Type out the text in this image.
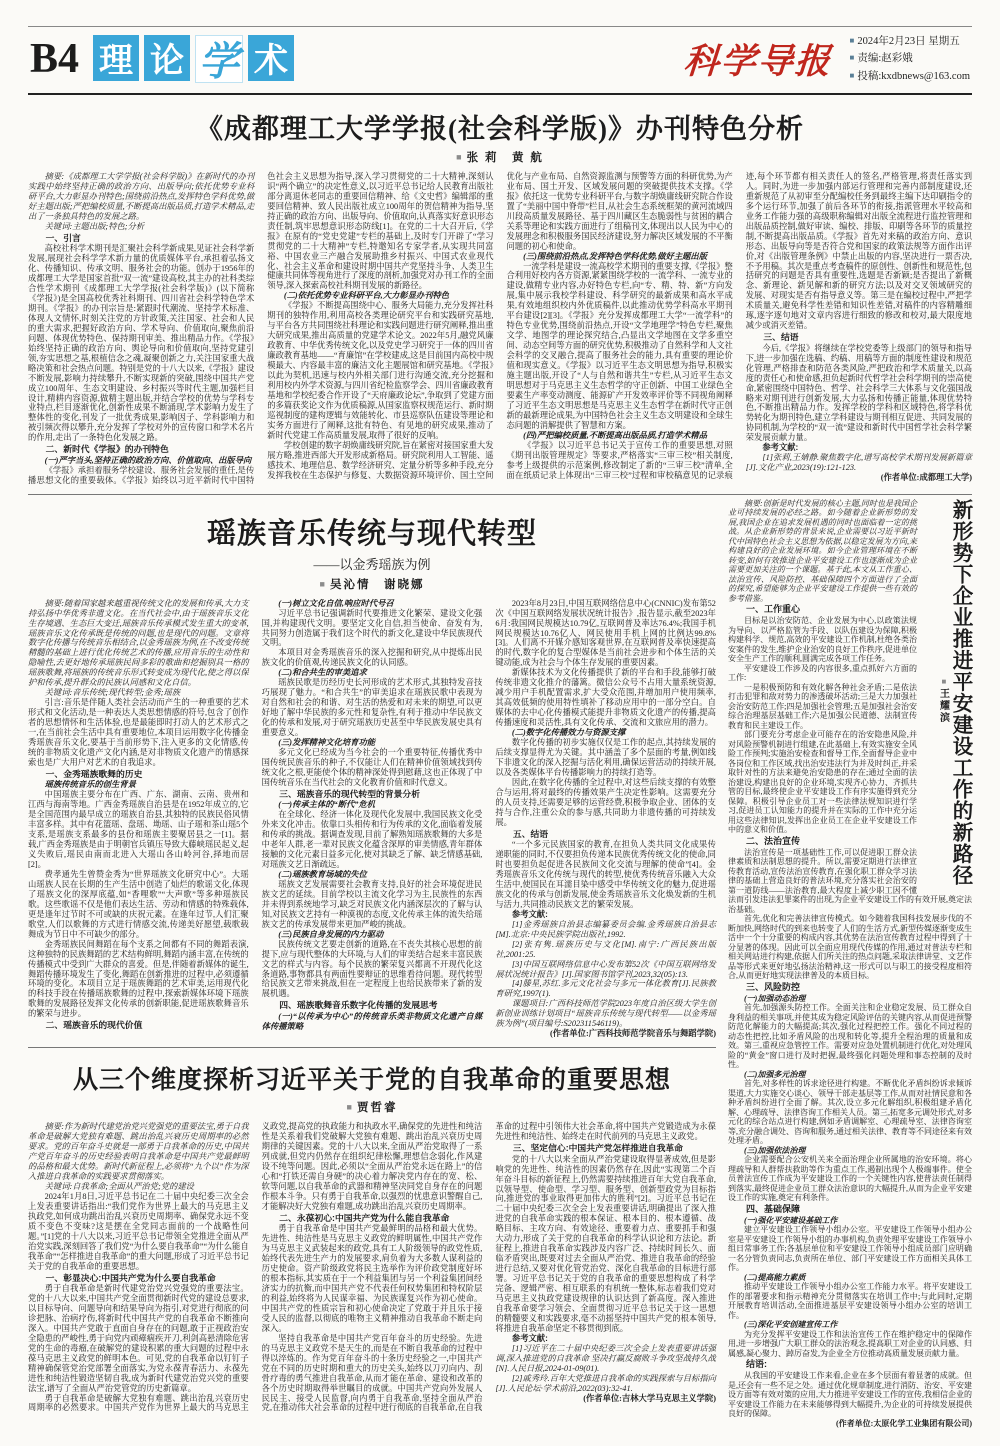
B4 理 论 学 术	科学导报 ■	2024年2月23日 星期五
■ 责编:赵彩娥
■ 投稿:kxdbnews@163.com
《成都理工大学学报(社会科学版)》办刊特色分析
■ 张 莉　黄 航
摘要:《成都理工大学学报(社会科学版)》在新时代的办刊实践中始终坚持正确的政治方向、出版导向;依托优势专业科研平台,大力彰显办刊特色;围绕前沿热点,发挥特色学科优势,做好主题出版;严把编校质量,不断提高出版品质,打造学术精品,走出了一条独具特色的发展之路。
关键词:主题出版;特色;分析
一、引言
高校社科学术期刊是汇聚社会科学新成果,见证社会科学新发展,展现社会科学学术新力量的优质媒体平台,承担着弘扬文化、传播知识、传承文明、服务社会的功能。创办于1956年的成都理工大学是国家首批“双一流”建设高校,其主办的社科类综合性学术期刊《成都理工大学学报(社会科学版)》(以下简称《学报》)是全国高校优秀社科期刊、四川省社会科学特色学术期刊。《学报》的办刊宗旨是:紧跟时代潮流、坚持学术标准、体现人文情怀,时刻关注党的方针政策,关注国家、社会和人民的重大需求,把握好政治方向、学术导向、价值取向,聚焦前沿问题、体现优势特色、保持期刊审美、推出精品力作。《学报》始终坚持正确的政治方向、舆论导向和价值取向,坚持党建引领,夯实思想之基,根植信念之魂,凝聚创新之力,关注国家重大战略决策和社会热点问题。特别是党的十八大以来,《学报》建设不断发展,影响力持续攀升,不断实现新的突破,围绕中国共产党成立100周年、生态文明建设、乡村振兴等时代主题,加强栏目设计,精耕内容资源,做精主题出版,并结合学校的优势与学科专业特点,栏目逐渐优化,创新性成果不断涌现,学术影响力发生了整体性的变化,刊发了一批优秀成果,影响因子、学科影响力和被引频次得以攀升,充分发挥了学校对外的宣传窗口和学术名片的作用,走出了一条特色化发展之路。
二、新时代《学报》的办刊特色
(一)严字当头,坚持正确的政治方向、价值取向、出版导向
《学报》承担着服务学校建设、服务社会发展的重任,是传播思想文化的重要载体。《学报》始终以习近平新时代中国特色社会主义思想为指导,深入学习贯彻党的二十大精神,深刻认识“两个确立”的决定性意义,以习近平总书记给人民教育出版社部分离退休老同志的重要回信精神、给《文史哲》编辑部的重要回信精神、致人民出版社成立100周年的贺信精神为指导,坚持正确的政治方向、出版导向、价值取向,认真落实好意识形态责任制,筑牢思想意识形态防线[1]。在党的二十大召开后,《学报》在原有的“党史党建”专栏的基础上,及时专门开辟了“学习贯彻党的二十大精神”专栏,特邀知名专家学者,从实现共同富裕、中国农业三产融合发展助推乡村振兴、中国式农业现代化、社会主义革命和建设时期中国共产党坚持斗争、人类卫生健康共同体等视角进行了深度的剖析,加强党对办刊工作的全面领导,深入探索高校社科期刊发展的新路径。
(二)依托优势专业科研平台,大力彰显办刊特色
《学报》不断提高围绕中心、服务大局能力,充分发挥社科期刊的独特作用,利用高校各类理论研究平台和实践研究基地,与平台各方共同围绕社科理论和实践问题进行研究阐释,推出重大研究成果,推出高质量的党建学术论文。2022年5月,融党风廉政教育、中华优秀传统文化,以及党史学习研究于一体的四川省廉政教育基地——“育廉馆”在学校建成,这是目前国内高校中规模最大、内容最丰富的廉洁文化主题展馆和研究基地。《学报》以此为契机,迅速与校内外相关部门进行沟通交流,充分挖掘和利用校内外学术资源,与四川省纪检监察学会、四川省廉政教育基地和学校纪委合作开设了“天府廉政论坛”,争取到了党建方面的多篇获奖论文作为优质稿源,从国家监察权规范运行、新时期巡视制度的建构逻辑与效能转化、市县巡察队伍建设等理论和实务方面进行了阐释,这批有特色、有见地的研究成果,推动了新时代党建工作高质量发展,取得了很好的反响。
学校创建的数字胡焕庸线研究院,旨在紧密对接国家重大发展方略,推进西部大开发形成新格局。研究院利用人工智能、遥感技术、地理信息、数学经济研究、定量分析等多种手段,充分发挥我校在生态保护与修复、大数据资源环境评价、国土空间优化与产业布局、自然资源监测与预警等方面的科研优势,为产业布局、国土开发、区域发展问题的突破提供技术支撑。《学报》依托这一优势专业科研平台,与数字胡焕庸线研究院合作设置了“美丽中国中脊带”栏目,从社会生态系统框架的黄河流域四川段高质量发展路径、基于四川藏区生态脆弱性与贫困的耦合关系等理论和实践方面进行了组稿刊文,体现出以人民为中心的发展理念和积极服务国民经济建设,努力解决区域发展的不平衡问题的初心和使命。
(三)围绕前沿热点,发挥特色学科优势,做好主题出版
一流学科是建设一流高校学术期刊的重要支撑,《学报》整合利用好校内各方资源,紧紧围绕学校的一流学科、一流专业的建设,做精专业内容,办好特色专栏,向“专、精、特、新”方向发展,集中展示我校学科建设、科学研究的最新成果和高水平成果,有效地组织校内外优质稿件,以此推动优势学科高水平期刊平台建设[2][3]。《学报》充分发挥成都理工大学“一流学科”的特色专业优势,围绕前沿热点,开设“文学地理学”特色专栏,聚焦文学、地图学的理论探究结合,凸显出文学地图在文学多重空间、动态空间等方面的研究优势,积极推动了自然科学和人文社会科学的交叉融合,提高了服务社会的能力,具有重要的理论价值和现实意义。《学报》以习近平生态文明思想为指导,积极实施主题出版,开设了“人与自然和谐共生”专栏,从习近平生态文明思想对于马克思主义生态哲学的守正创新、中国工业绿色全要素生产率变动测度、能源矿产开发效率评价等不同视角阐释了习近平生态文明思想是马克思主义生态哲学在新时代守正创新的最新理论成果,为中国特色社会主义生态文明建设和全球生态问题的消解提供了智慧和方案。
(四)严把编校质量,不断提高出版品质,打造学术精品
《学报》以习近平总书记关于宣传工作的重要思想,对照《期刊出版管理规定》等要求,严格落实“三审三校”相关制度,参考上级提供的示范案例,修改制定了新的“三审三校”清单,全面在纸质记录上体现出“三审三校”过程和审校稿意见的记录痕迹,每个环节都有相关责任人的签名,严格管理,将责任落实到人。同时,为进一步加强内部运行管理和完善内部制度建设,还重新规范了从初审至分配编校任务到最终主编下达印刷指令的多个运行环节,加强了前后各环节的衔接,指派管理水平较高和业务工作能力强的高级职称编辑对出版全流程进行监控管理和出版品质控制,做好审读、编校、排版、印刷等各环节的质量控制,不断提高出版品质。《学报》首先对来稿的政治方向、意识形态、出版导向等是否符合党和国家的政策法规等方面作出评价,对《出版管理条例》中禁止出版的内容,坚决进行一票否决,不予用稿。其次是重点考查稿件的原创性、创新性和规范性,包括研究的问题是否具有重要性,选题是否新颖;是否提出了新概念、新理论、新见解和新的研究方法;以及对交叉领域研究的发展、对现实是否有指导意义等。第三是在编校过程中,严把学术质量关,避免科学性差错和知识性差错,对稿件的内容精雕细琢,逐字逐句地对文章内容进行细致的修改和校对,最大限度地减少或消灭差错。
三、结语
今后,《学报》将继续在学校党委等上级部门的领导和指导下,进一步加强在选稿、约稿、用稿等方面的制度性建设和规范化管理,严格排查和防范各类风险,严把政治和学术质量关,以高度的责任心和使命感,担负起新时代哲学社会科学期刊的崇高使命,紧密围绕中国特色、哲学、社会科学三大体系与文化强国战略来对期刊进行创新发展,大力弘扬和传播正能量,体现优势特色,不断推出精品力作。发挥学校的学科和区域特色,将学科优势转化为期刊特色,建立学科建设与期刊相互促进、共同发展的协同机制,为学校的“双一流”建设和新时代中国哲学社会科学繁荣发展贡献力量。
参考文献:
[1]张莉,王婧静.聚焦数字化,谱写高校学术期刊发展新篇章[J].文化产业,2023(19):121-123.
(作者单位:成都理工大学)
瑶族音乐传统与现代转型
——以金秀瑶族为例
■ 吴沁情　谢晓娜
摘要:随着国家越来越重视传统文化的发展和传承,大力支持弘扬中华优秀非遗文化。在当代社会中,由于瑶族音乐文化生存境遇、生态巨大变迁,瑶族音乐传承模式发生重大的变革,瑶族音乐文化传承既是传统的问题,也是现代的问题。文章将数字化传播与传统音乐相结合,以金秀瑶族为例,在不改变传统精髓的基础上进行优化传统艺术的传播,应用音乐的生动性和隐喻性,去更好地传承瑶族民间多彩的歌曲和挖掘别具一格的瑶族歌舞,将瑶族的传统音乐形式转变成为现代化,使之得以保护和传承,提升群众的民族认同感和文化自信。
关键词:音乐传统;现代转型;金秀;瑶族
引言:音乐是伴随人类社会活动而产生的一种重要的艺术形式和文化活动,是一种表达人类思想情感的符号,包含了创作者的思想情怀和生活体验,也是最能即时打动人的艺术形式之一,在当前社会生活中具有重要地位,本项目运用数字化传播金秀瑶族音乐文化,要基于当前形势下,注入更多的文化情感,传统的非物质文化遗产文化内涵,是对非物质文化遗产的情感探索也是广大用户对艺术的自我追求。
一、金秀瑶族歌舞的历史
瑶族传统音乐的创生背景
中国瑶族主要分布在广西、广东、湖南、云南、贵州和江西与海南等地。广西金秀瑶族自治县是在1952年成立的,它是全国范围内最早成立的瑶族自治县,其独特的民族民俗风情丰富多样。其中有花篮瑶、盘瑶、坳瑶、山子瑶和茶山瑶5个支系,是瑶族支系最多的县份和瑶族主要聚居县之一[1]。据载,广西金秀瑶族是由于明朝官兵镇压导致大藤峡瑶民起义,起义失败后,瑶民由南而北进入大瑶山各山岭河谷,择地而居[2]。
费孝通先生曾赞金秀为“世界瑶族文化研究中心”。大瑶山瑶族人民在长期的生产生活中创造了灿烂的歌谣文化,体现了瑶族文化的深厚底蕴,如“香哩歌”“大声歌”等多种瑶族民歌。这些歌谣不仅是他们表达生活、劳动和情感的特殊载体,更是逢年过节时不可或缺的庆祝元素。在逢年过节,人们汇聚歌堂,人们以歌舞的方式进行情感交流,传递美好愿望,载歌载舞成为节日中不可缺少的部分。
金秀瑶族民间舞蹈在每个支系之间都有不同的舞蹈表演,这种独特的民族舞蹈的艺术结构鲜明,舞蹈内涵丰富,在传统的传播模式中受到广大群众的喜爱。但是,伴随着新媒体的诞生,舞蹈传播环境发生了变化,舞蹈在创新推进的过程中,必须遵循环境的变化。本项目立足于瑶族舞蹈的艺术审美,运用现代化的科技手段在传播瑶族歌舞的过程中,探索新媒体环境下瑶族歌舞的发展路径发挥文化传承的创新职能,促进瑶族歌舞音乐的繁荣与进步。
二、瑶族音乐的现代价值
(一)树立文化自信,响应时代号召
习近平总书记强调新时代要推进文化繁荣、建设文化强国,并构建现代文明。要坚定文化自信,担当使命、奋发有为,共同努力创造属于我们这个时代的新文化,建设中华民族现代文明。
本项目对金秀瑶族音乐的深入挖掘和研究,从中提炼出民族文化的价值观,传递民族文化的认同感。
(二)和合共生的审美追求
瑶族民歌是历经历史长河形成的艺术形式,其独特发音技巧展现了魅力。“和合共生”的审美追求在瑶族民歌中表现为对自然和社会的和谐、对生活的热爱和对未来的期望,可以更好地了解中华民族的多元性和复杂性,有利于推动中华民族文化的传承和发展,对于研究瑶族历史甚至中华民族发展史具有重要意义。
(三)发挥精神文化培育功能
多元文化已经成为当今社会的一个重要特征,传播优秀中国传统民族音乐的种子,不仅能让人们在精神价值领域找到传统文化之根,更能使个体的精神深处得到慰藉,这也正体现了中国传统音乐在当代社会的文化教育价值和时代意义。
三、瑶族音乐的现代转型的背景分析
(一)传承主体的“断代”危机
在全球化、经济一体化及现代化发展中,我国民族文化受外来文化冲击。依靠口头相传和行为传承的文化,面临着发展和传承的挑战。据调查发现,目前了解熟知瑶族歌舞的大多是中老年人群,老一辈对民族文化蕴含深厚的审美情感,青年群体接触的文化元素日益多元化,使对其缺乏了解、缺乏情感基础,对瑶族文艺日渐疏远。
(二)瑶族教育场域的失位
瑶族文艺发展需要社会教育支持,良好的社会环境促进民族文艺的延续。目前学校以主流文化学习为主,民族性的东西并未得到系统地学习,缺乏对民族文化内涵深层次的了解与认知,对民族文艺持有一种漠视的态度,文化传承主体的流失给瑶族文艺的传承发展带来更加严峻的挑战。
(三)民族自身发展的内力驱动
民族传统文艺要走创新的道路,在不丧失其核心思想的前提下,应与现代整体的大环境,与人们的审美结合起来丰富民族文艺的样式与内容。每个民族的繁荣复兴都离不开现代化这条道路,事物都具有两面性要辩证的思维看待问题。现代转型给民族文艺带来挑战,但在一定程度上也给民族带来了新的发展机遇。
四、瑶族歌舞音乐数字化传播的发展思考
(一)“以传承为中心”的传统音乐类非物质文化遗产自媒体传播策略
2023年8月23日,中国互联网络信息中心(CNNIC)发布第52次《中国互联网络发展状况统计报告》,报告显示,截至2023年6月:我国网民规模达10.79亿,互联网普及率达76.4%;我国手机网民规模达10.76亿人、网民使用手机上网的比例达99.8%[3]。人们离不开媒介感知客观世界,在互联网普及率快速提高的时代,数字化的复合型媒体是当前社会进步和个体生活的关键动能,成为社会与个体生存发展的重要因素。
新媒体技术为文化传播提供了新的平台和手段,能够打破传统非遗文化推介的藩篱。微信公众号不占用大量系统资源,减少用户手机配置需求,扩大受众范围,并增加用户使用频率,其高效低频的使用特性填补了移动应用中的一部分空白。自媒体的去中心化传播模式能提升非物质文化遗产的传播,提高传播速度和灵活性,具有文化传承、交流和文旅应用的潜力。
(二)数字化传播效力与资源支撑
数字化传播的初步实施仅仅是工作的起点,其持续发展的后续支撑显得尤为关键。其中涵盖了多个层面的考量,例如线下非遗文化的深入挖掘与活化利用,确保运营活动的持续开展,以及各类媒体平台传播影响力的持续打造等。
因此,在数字化传播的全过程中,对这些后续支撑的有效整合与运用,将对最终的传播效果产生决定性影响。这需要充分的人员支持,还需要足够的运营经费,积极争取企业、团体的支持与合作,注重公众的参与感,共同助力非遗传播的可持续发展。
五、结语
“一个多元民族国家的教育,在担负人类共同文化成果传递职能的同时,不仅要担负传递本民族优秀传统文化的使命,同时也要担负起促进各民族间文化交流与理解的使命”[4]。金秀瑶族音乐文化传统与现代的转型,使优秀传统音乐融入大众生活中,使国民在耳濡目染中感受中华传统文化的魅力,促进瑶族文化的传承与创新发展,使金秀瑶族音乐文化焕发新的生机与活力,共同推动民族文艺的繁荣发展。
参考文献:
[1]金秀瑶族自治县志编纂委员会编.金秀瑶族自治县志[M].北京:中央民族学院出版社,1992.
[2]张有隽.瑶族历史与文化[M].南宁:广西民族出版社,2001:25.
[3]中国互联网络信息中心发布第52次《中国互联网络发展状况统计报告》[J].国家图书馆学刊,2023,32(05):13.
[4]滕星,苏红.多元文化社会与多元一体化教育[J].民族教育研究,1997(1).
课题项目:广西科技师范学院2023年度自治区级大学生创新创业训练计划项目“瑶族音乐传统与现代转型——以金秀瑶族为例”(项目编号:S202311546119)。
(作者单位:广西科技师范学院音乐与舞蹈学院)
从三个维度探析习近平关于党的自我革命的重要思想
■ 贾哲睿
摘要:作为新时代建党治党兴党强党的重要法宝,勇于自我革命是破解大党独有难题、跳出治乱兴衰历史周期率的必然要求。党的百年奋斗史就是一部勇于自我革命的历史,中国共产党百年奋斗的历史经验表明自我革命是中国共产党最鲜明的品格和最大优势。新时代新征程上,必须将“九个以”作为深入推进自我革命的实践要求贯彻落实。
关键词:自我革命;全面从严治党;党的建设
2024年1月8日,习近平总书记在二十届中央纪委三次全会上发表重要讲话指出:“我们党作为世界上最大的马克思主义执政党,如何成功跳出治乱兴衰历史周期率、确保党永远不变质不变色不变味?这是摆在全党同志面前的一个战略性问题。”[1]党的十八大以来,习近平总书记带领全党推进全面从严治党实践,深刻回答了我们党“为什么要自我革命”“为什么能自我革命”“怎样推进自我革命”的重大问题,形成了习近平总书记关于党的自我革命的重要思想。
一、彰显决心:中国共产党为什么要自我革命
勇于自我革命是新时代建党治党兴党强党的重要法宝。党的十八大以来,中国共产党全面贯彻新时代党的建设总要求,以目标导向、问题导向和结果导向为指引,对党进行彻底的问诊把脉、治病疗伤,将新时代中国共产党的自我革命不断推向深入。中国共产党敢于直面自身存在的问题,敢于正视政治安全隐患的严峻性,勇于向党内顽瘴痼疾开刀,利剑高悬清除危害党的生命的毒瘤,在破解党的建设积累的重大问题的过程中永葆马克思主义政党的鲜明本色。可见,党的自我革命以钉钉子精神确保管党治党部署全面落实,为党永葆青春活力、永葆先进性和纯洁性锻造坚韧自我,成为新时代建党治党兴党的重要法宝,谱写了全面从严治党管党的历史新篇章。
勇于自我革命是破解大党独有难题、跳出治乱兴衰历史周期率的必然要求。中国共产党作为世界上最大的马克思主义政党,提高党的执政能力和执政水平,确保党的先进性和纯洁性是关系着我们党破解大党独有难题、跳出治乱兴衰历史周期律的关键因素。党的十八大以来,全面从严治党取得了一系列成就,但党内仍然存在组织纪律松懈,理想信念弱化,作风建设不纯等问题。因此,必须以“全面从严治党永远在路上”的信心和“打铁还需自身硬”的决心着力解决党内存在的宽、松、软等问题,以自我革命的武器和精神坚决同党自身存在的问题作根本斗争。只有勇于自我革命,以强烈的忧患意识警醒自己,才能解决好大党独有难题,成功跳出治乱兴衰历史周期率。
二、永葆初心:中国共产党为什么能自我革命
勇于自我革命是中国共产党最鲜明的品格和最大优势。先进性、纯洁性是马克思主义政党的鲜明属性,中国共产党作为马克思主义武装起来的政党,具有工人阶级领导的政党性质,始终代表先进生产力的发展要求,肩负着为大多数人谋利益的历史使命。资产阶级政党将民主选举作为评价政党制度好坏的根本指标,其实质在于一个利益集团与另一个利益集团间经济实力的抗衡,而中国共产党不代表任何权势集团和特权阶层的利益,始终将为人民谋幸福、为民族谋复兴作为初心使命。中国共产党的性质宗旨和初心使命决定了党敢于并且乐于接受人民的监督,以彻底的唯物主义精神推动自我革命不断走向深入。
坚持自我革命是中国共产党百年奋斗的历史经验。先进的马克思主义政党不是天生的,而是在不断自我革命的过程中得以淬炼的。作为党百年奋斗的十条历史经验之一,中国共产党在不同的历史时期和重大的历史关头,始终以刀刃向内、刮骨疗毒的勇气推进自我革命,从而才能在革命、建设和改革的各个历史时期取得举世瞩目的成就。中国共产党向外发展人民民主、接受人民监督,向内勇于自我革命,坚持全面从严治党,在推动伟大社会革命的过程中进行彻底的自我革命,在自我革命的过程中引领伟大社会革命,将中国共产党锻造成为永葆先进性和纯洁性、始终走在时代前列的马克思主义政党。
三、坚定信心:中国共产党怎样推进自我革命
党的十八大以来全面从严治党建设取得显著成效,但是影响党的先进性、纯洁性的因素仍然存在,因此“实现第二个百年奋斗目标的新征程上,仍然需要持续推进百年大党自我革命,以领导型、使命型、学习型、服务型、创新型政党为目标指向,推进党的事业取得更加伟大的胜利”[2]。习近平总书记在二十届中央纪委三次全会上发表重要讲话,明确提出了深入推进党的自我革命实践的根本保证、根本目的、根本遵循、战略目标、主攻方向、有效途径、重要着力点、重要抓手和强大动力,形成了关于党的自我革命的科学认识论和方法论。新征程上,推进自我革命实践涉及内容广泛、持续时间长久、面临矛盾突出,既要对过去全面从严治党、推进自我革命的经验进行总结,又要对优化管党治党、深化自我革命的目标进行部署。习近平总书记关于党的自我革命的重要思想构成了科学完备、逻辑严密、相互联系的有机统一整体,标志着我们党对马克思主义执政党建设规律的认识达到了新高度。深入推进自我革命要学习领会、全面贯彻习近平总书记关于这一思想的精髓要义和实践要求,毫不动摇坚持中国共产党的根本领导,将推进自我革命坚定不移贯彻到底。
参考文献:
[1]习近平在二十届中央纪委三次全会上发表重要讲话强调,深入推进党的自我革命 坚决打赢反腐败斗争攻坚战持久战[N].人民日报,2024-01-09(01).
[2]戚秀玲.百年大党推进自我革命的实践探索与目标指向[J].人民论坛·学术前沿,2022(03):32-41.
(作者单位:吉林大学马克思主义学院)
■ 王耀滨 新形势下企业推进平安建设工作的新路径
摘要:创新是时代发展的核心主题,同时也是我国企业可持续发展的必经之路。如今随着企业新形势的发展,我国企业在追求发展机遇的同时也面临着一定的挑战。从企业新形势的背景来说,企业需要以习近平新时代中国特色社会主义思想为依据,以稳定发展为方向,来构建良好的企业发展环境。如今企业管理环境在不断转变,如何有效推进企业平安建设工作也逐渐成为企业需要更加关注的一个课题。基于此,本文从工作重心、法治宣传、风险防控、基础保障四个方面进行了全面的探究,希望能够为企业平安建设工作提供一些有效的参考借鉴。
一、工作重心
目标是以治安防范、企业发展为中心,以政策法规为导向、以严格监管为手段、以队伍建设为保障,积极构建科学、规范,高效的平安建设工作机制,杜绝各类治安案件的发生,维护企业治安的良好工作秩序,促进单位安全生产工作的顺利,圆满完成各项工作任务。
平安建设工作涉及的内容很多,重点抓好六方面的工作:
一是积极预防和有效化解各种社会矛盾;二是依法打击犯罪和敌对势力的渗透破坏活动;三是大力加强社会治安防范工作;四是加强社会管理;五是加强社会治安综合治理基层基础工作;六是加强公民道德、法制宣传教育和民主建设工作。
部门要充分考虑企业可能存在的治安隐患风险,并对风险预警机制进行组建,在此基础上,有效实施安全风险工作预判;实施治安检查和督导工作,全面督导企业中各岗位和工作区域,找出治安违法行为并及时纠正,并采取针对性的方法来避免治安隐患的存在;通过全面的法治建设,构建出良好的企业环境,实现齐心协力、齐抓共管的目标,最终使企业平安建设工作有序实施得到充分保障。积极引导企业员工对一些法律法规知识进行学习,促进员工认知能力的提升并在实际的工作中充分运用这些法律知识,发挥出企业员工在企业平安建设工作中的意义和价值。
二、法治宣传
法治宣传是一项基础性工作,可以促进职工群众法律素质和法制思想的提升。所以,需要定期进行法律宣传教育活动,宣传法治宣传教育,在强化职工群众学习法律的基础上营造良好的普法环境,充分落实社会治安的第一道防线——法治教育,最大程度上减少职工因不懂法而引发违法犯罪案件的出现,为企业平安建设工作的有效开展,奠定法治基础。
首先,优化和完善法律宣传模式。如今随着我国科技发展步伐的不断加快,网络时代的到来也转变了人们的生活方式,新型传媒逐渐变成生活中一个十分重要的构成内容,其优势在法治宣传教育过程中得到了十分显著的体现。因此可以全面应用现代传媒的作用,通过对普法专栏和相关网站进行构建,依据人们所关注的热点问题,采取法律讲堂、文艺作品等形式来更好地弘扬法治精神,这一形式可以与职工的接受程度相符合,从而更好地实现法律普及的本质目标。
三、风险防控
(一)加强动态治理
首先,加强源头防控工作。全面关注和企业稳定发展、员工群众自身利益的相关事项,并使其成为稳定风险评估的关键内容,从而促进预警防范化解能力的大幅提高;其次,强化过程把控工作。强化不同过程的动态性把控,比如矛盾风险的出现和转化等,提升全程治理的质量和成效。第三,重视应急管控工作。需要对应急处置机制进行优化,对处理风险的“黄金”窗口进行及时把握,最终强化问题处理和事态控制的及时性。
(二)加强多元治理
首先,对多样性的诉求途径进行构建。不断优化矛盾纠纷诉求倾诉渠道,大力实施交心谈心、领导干部走基层等工作,从而对社情民意和各种矛盾纠纷进行全面了解。其次,设立多元化解组织,积极组建矛盾化解、心理疏导、法律咨询工作相关人员。第三,拓宽多元调处形式,对多元化的综合站点进行构建,例如矛盾调解室、心理疏导室、法律咨询室等,充分融合调处、咨询和服务,通过相关法律、教育等不同途径来有效处理矛盾。
(三)加强依法治理
企业需要配合公安机关来全面治理企业所属地的治安环境。将心理疏导和人群帮扶救助等作为重点工作,遏制出现个人极端事件。使全员普法宣传工作成为平安建设工作的一个关键性内容,使普法责任制得到落实,最终促进企业员工群众法治意识的大幅提升,从而为企业平安建设工作的实施,奠定有利条件。
四、基础保障
(一)强化平安建设基础工作
建立平安建设工作领导小组办公室。平安建设工作领导小组办公室是平安建设工作领导小组的办事机构,负责处理平安建设工作领导小组日常事务工作;各基层单位和平安建设工作领导小组成员部门应明确一名分管负责同志,负责所在单位、部门平安建设工作方面相关具体工作。
(二)提高能力素质
推动平安建设工作领导小组办公室工作能力水平。将平安建设工作的部署要求和指示精神充分贯彻落实在培训工作中;与此同时,定期开展教育培训活动,全面推进基层平安建设领导小组办公室的培训工作。
(三)深化平安创建宣传工作
为充分发挥平安建设工作和法治宣传工作在维护稳定中的保障作用,进一步增强广大职工群众的法治观念,提高职工对企业的认同感、归属感,凝心聚力、踔厉奋发,为企业全方位推动高质量发展贡献力量。
结语:
从我国的平安建设工作来看,企业在多个层面有着显著的成就。但是,还会有一些不足之处。通过优化规章制度,进行消防、治安、平安建设方面等有效对策的应用,大力推进平安建设工作的宣传,我相信企业的平安建设工作能力在未来能够得到大幅提升,为企业的可持续发展提供良好的保障。
(作者单位:太原化学工业集团有限公司)
